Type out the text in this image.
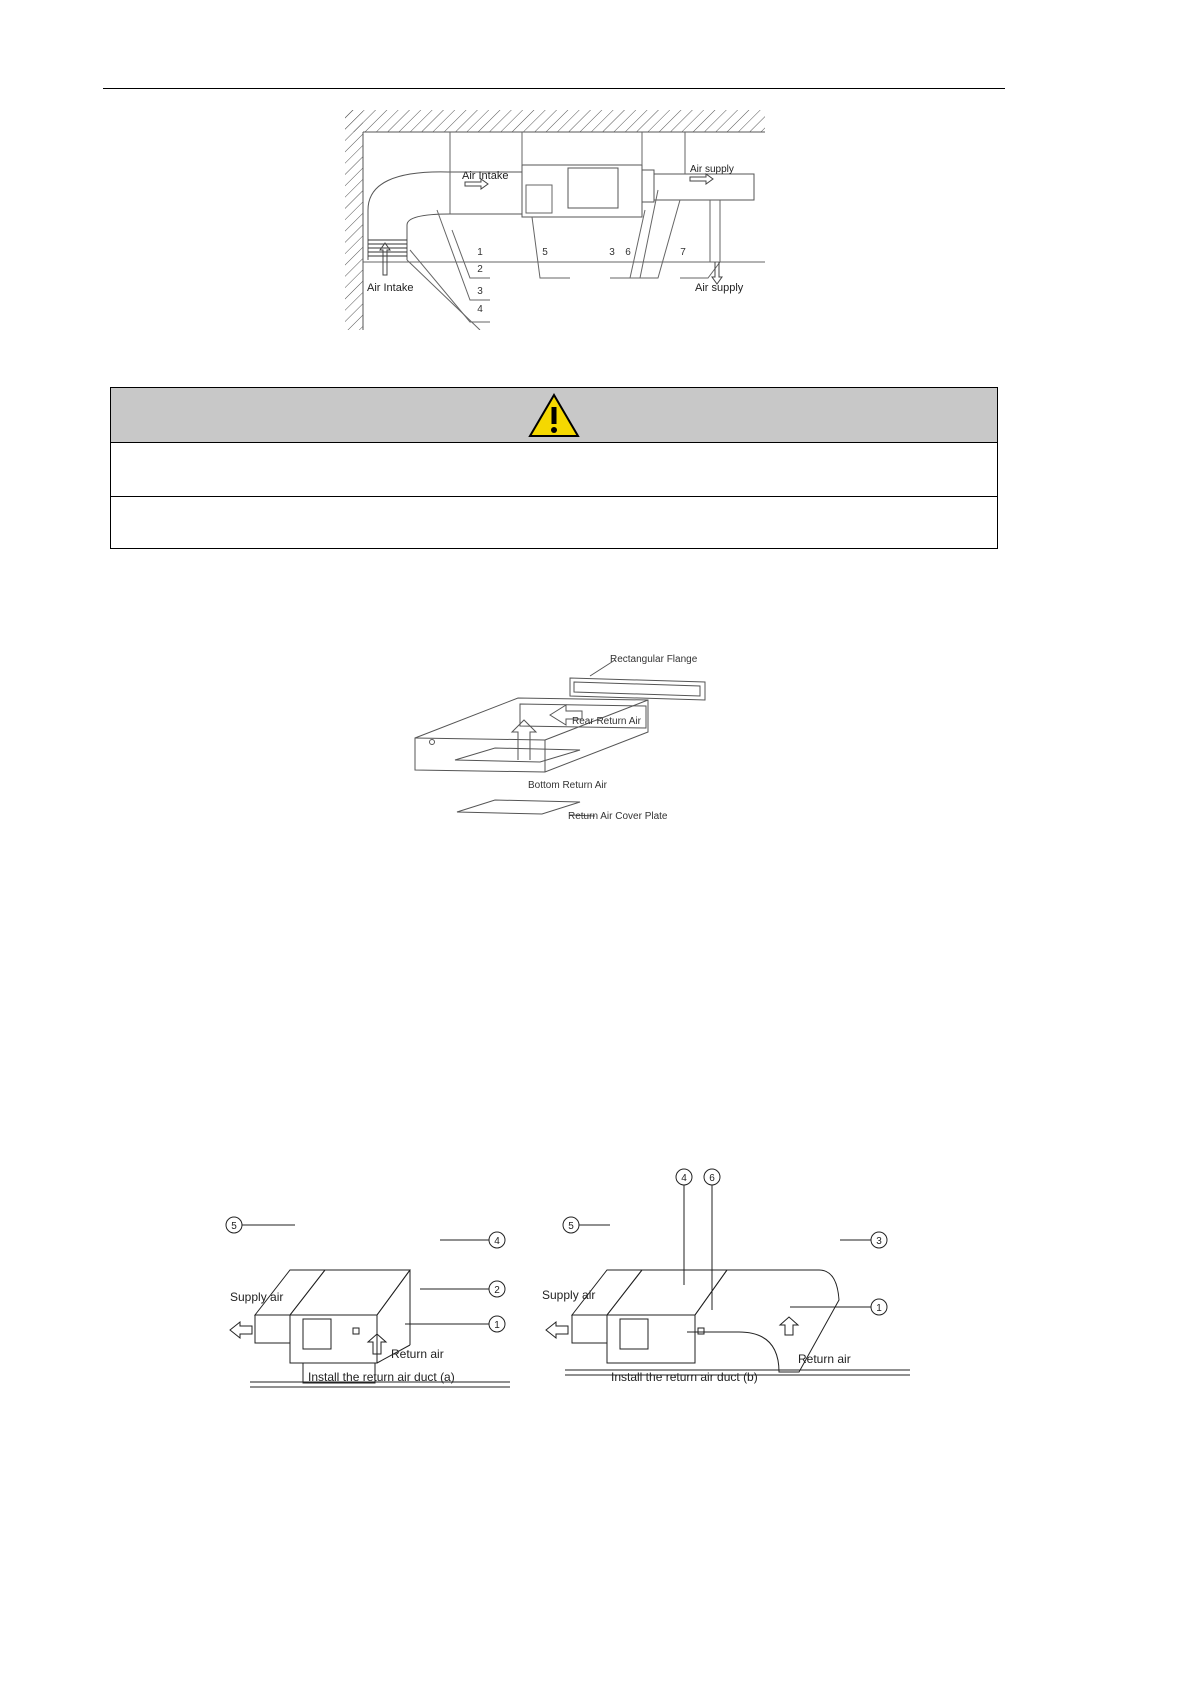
1
2
3
4
5	3 6	7
Air Intake
Air Intake
Air supply
Air supply
Rectangular Flange
Rear Return Air
Bottom Return Air
Return Air Cover Plate
5
4
2
1
4 6
5
3
1
Supply air
Return air
Install the return air duct (a)
Supply air
Return air
Install the return air duct (b)
